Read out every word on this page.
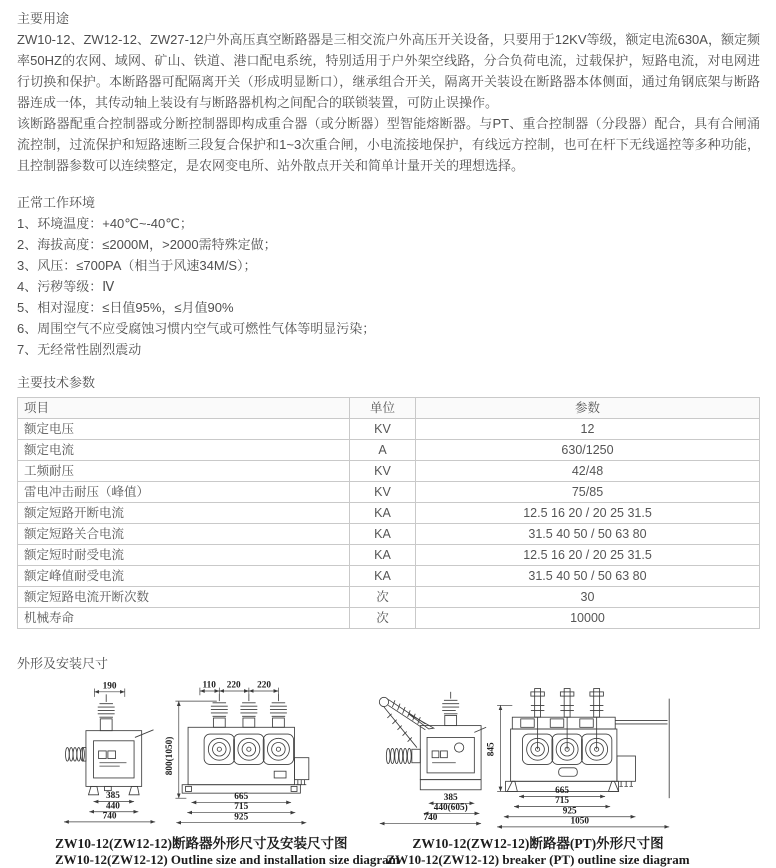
主要用途

ZW10-12、ZW12-12、ZW27-12户外高压真空断路器是三相交流户外高压开关设备，只要用于12KV等级，额定电流630A，额定频率50HZ的农网、域网、矿山、铁道、港口配电系统，特别适用于户外架空线路，分合负荷电流，过载保护，短路电流，对电网进行切换和保护。本断路器可配隔离开关（形成明显断口），继承组合开关，隔离开关装设在断路器本体侧面，通过角钢底架与断路器连成一体，其传动轴上装设有与断路器机构之间配合的联锁装置，可防止误操作。

该断路器配重合控制器或分断控制器即构成重合器（或分断器）型智能熔断器。与PT、重合控制器（分段器）配合，具有合闸涌流控制，过流保护和短路速断三段复合保护和1~3次重合闸，小电流接地保护，有线远方控制，也可在杆下无线遥控等多种功能，且控制器参数可以连续整定，是农网变电所、站外散点开关和简单计量开关的理想选择。

正常工作环境
1、环境温度：+40℃~-40℃；
2、海拔高度：≤2000M，>2000需特殊定做；
3、风压：≤700PA（相当于风速34M/S）；
4、污秽等级：Ⅳ
5、相对湿度：≤日值95%，≤月值90%
6、周围空气不应受腐蚀习惯内空气或可燃性气体等明显污染；
7、无经常性剧烈震动
主要技术参数
项目	单位	参数
额定电压	KV	12
额定电流	A	630/1250
工频耐压	KV	42/48
雷电冲击耐压（峰值）	KV	75/85
额定短路开断电流	KA	12.5 16 20 / 20 25 31.5
额定短路关合电流	KA	31.5 40 50 / 50 63 80
额定短时耐受电流	KA	12.5 16 20 / 20 25 31.5
额定峰值耐受电流	KA	31.5 40 50 / 50 63 80
额定短路电流开断次数	次	30
机械寿命	次	10000
外形及安装尺寸
190
385
440
740
110 220 220
800(1050)
665
715
925
ZW10-12(ZW12-12)断路器外形尺寸及安装尺寸图
ZW10-12(ZW12-12) Outline size and installation size diagram
385
440(605)
740
845
665
715
925
1050
ZW10-12(ZW12-12)断路器(PT)外形尺寸图
ZW10-12(ZW12-12) breaker (PT) outline size diagram
